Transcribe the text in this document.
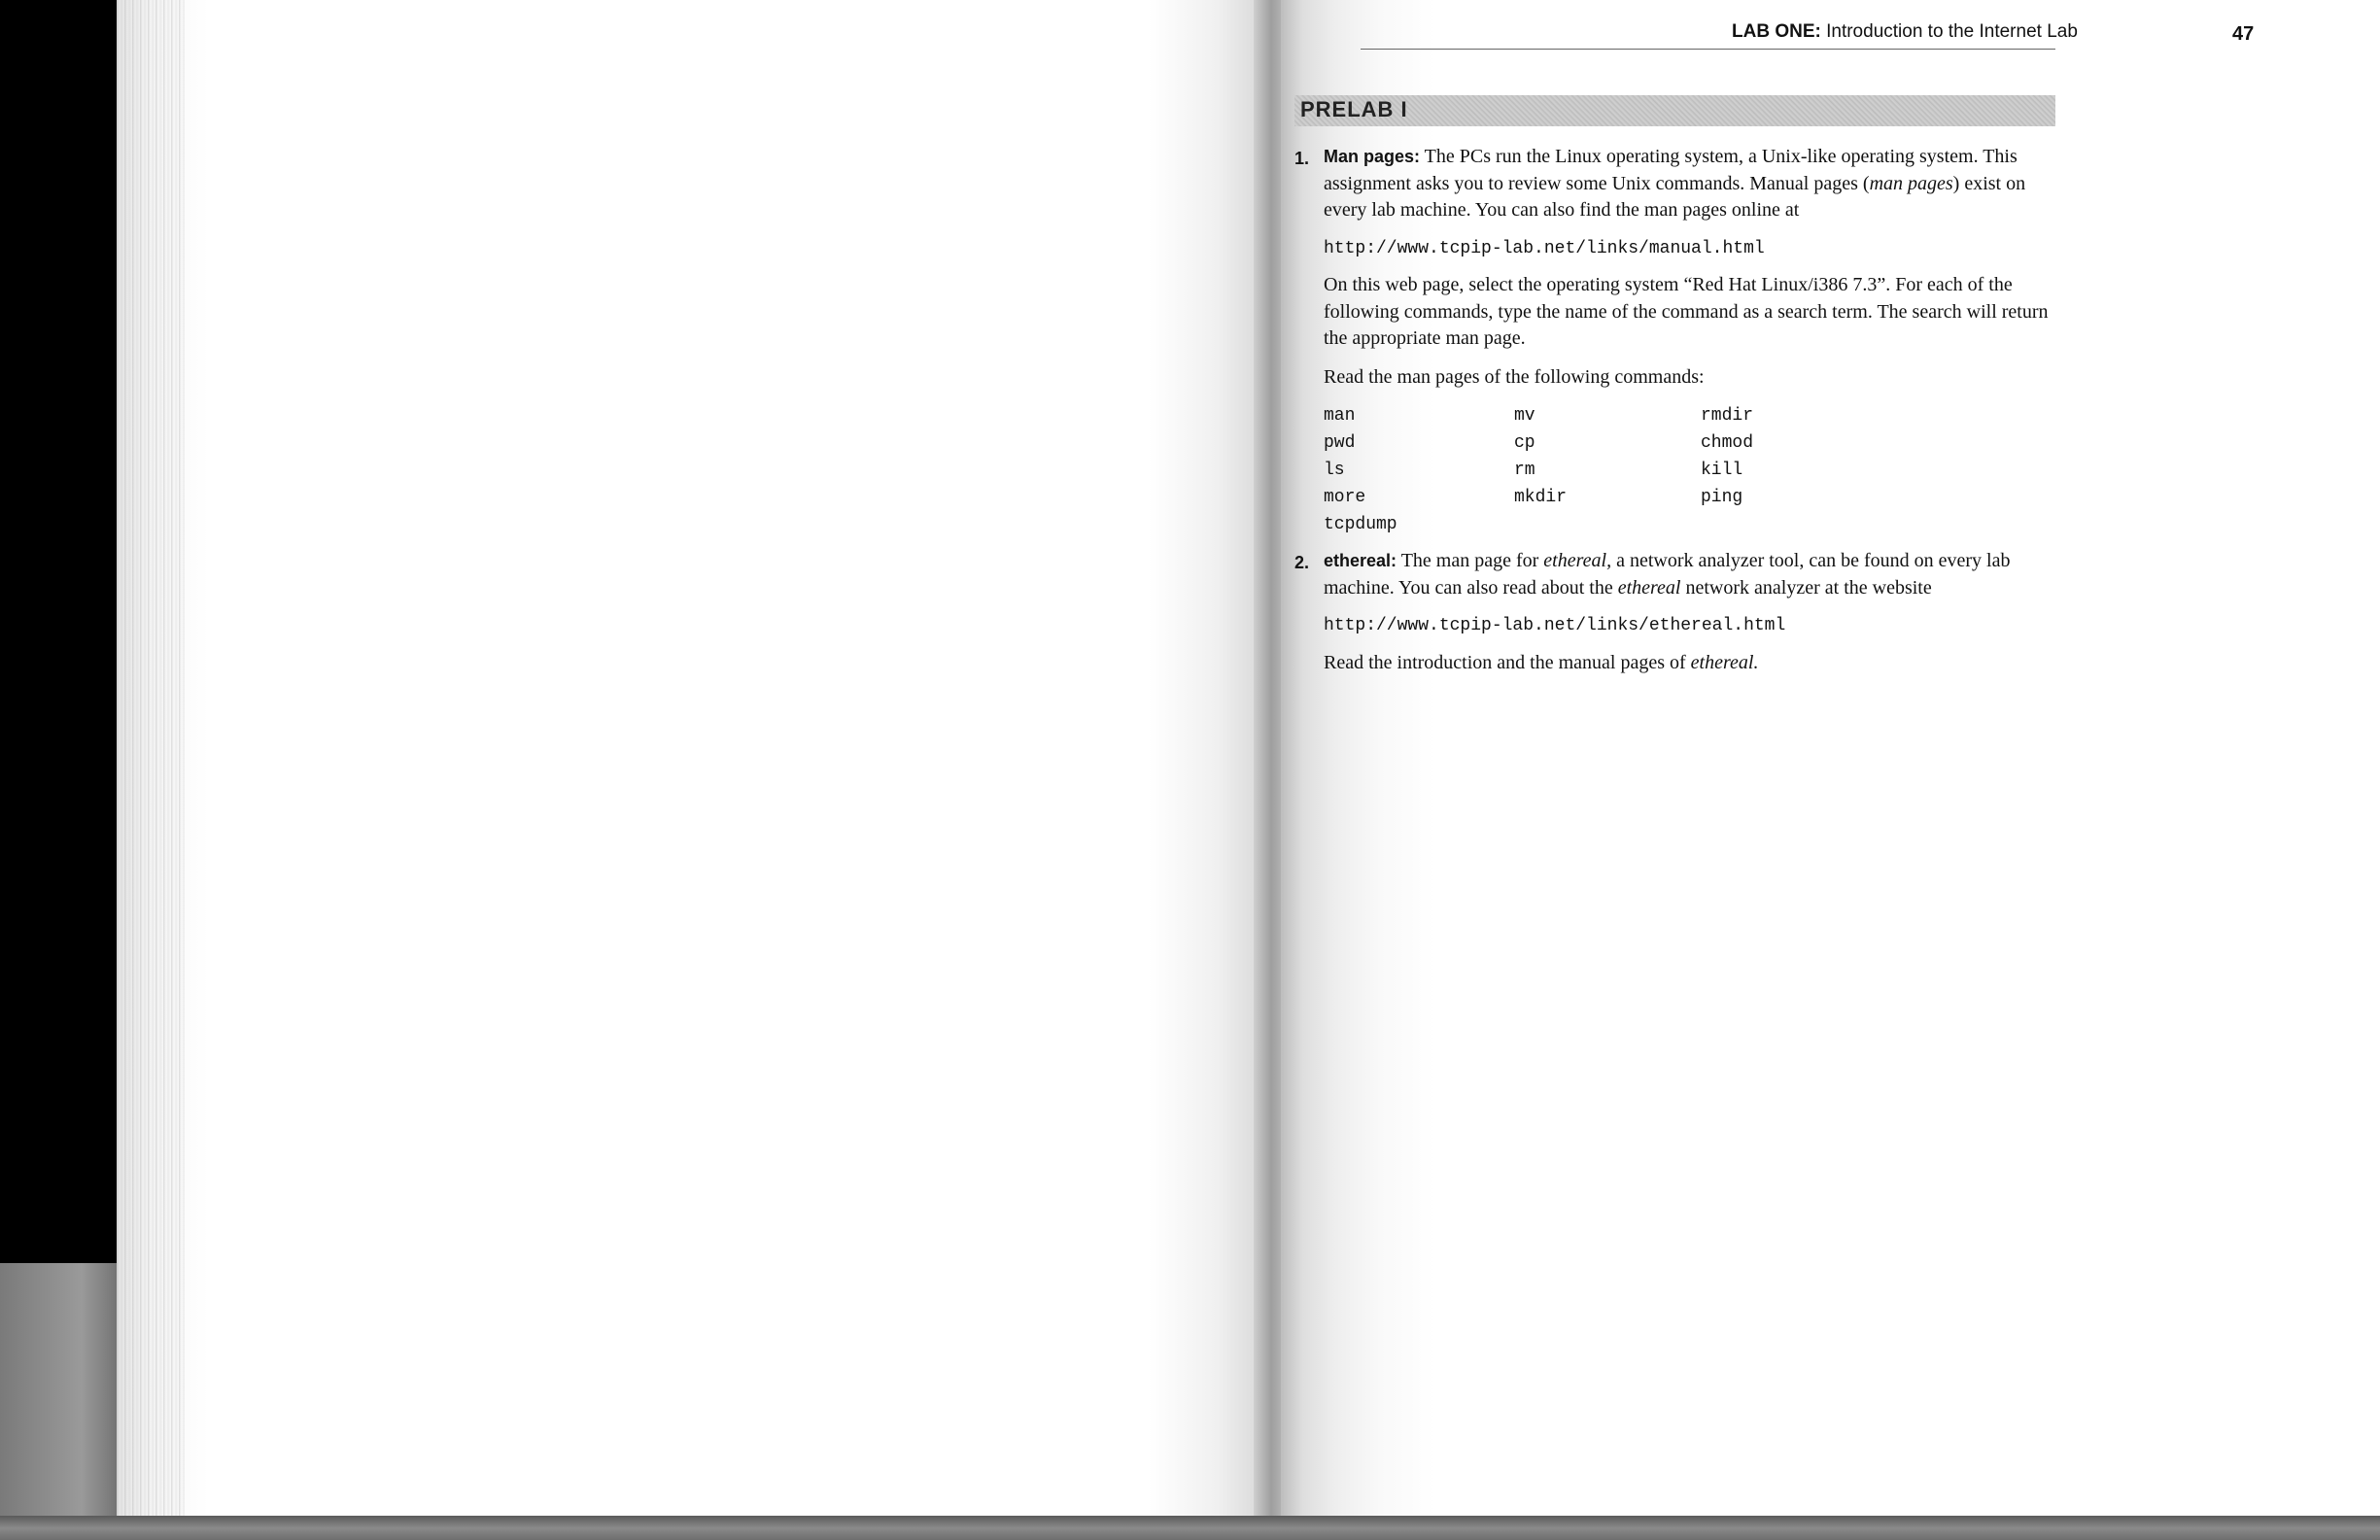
LAB ONE: Introduction to the Internet Lab	47
PRELAB I
1. Man pages: The PCs run the Linux operating system, a Unix-like operating system. This assignment asks you to review some Unix commands. Manual pages (man pages) exist on every lab machine. You can also find the man pages online at

http://www.tcpip-lab.net/links/manual.html

On this web page, select the operating system “Red Hat Linux/i386 7.3”. For each of the following commands, type the name of the command as a search term. The search will return the appropriate man page.

Read the man pages of the following commands:

man	mv	rmdir
pwd	cp	chmod
ls	rm	kill
more	mkdir	ping
tcpdump
2. ethereal: The man page for ethereal, a network analyzer tool, can be found on every lab machine. You can also read about the ethereal network analyzer at the website

http://www.tcpip-lab.net/links/ethereal.html

Read the introduction and the manual pages of ethereal.
